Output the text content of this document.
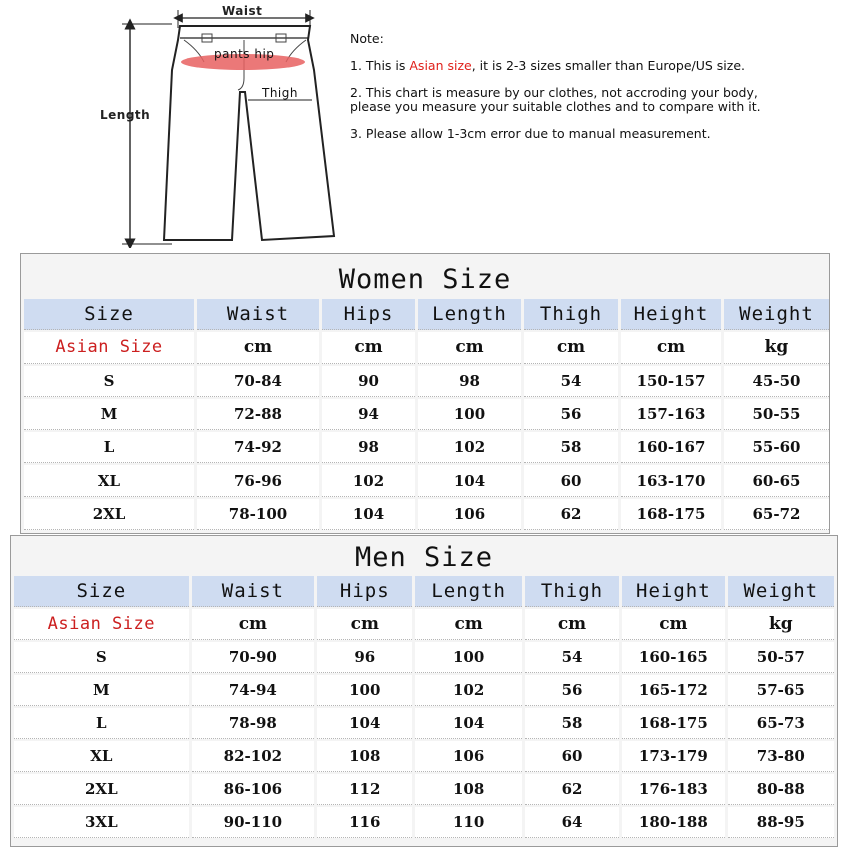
Waist
Length
pants hip
Thigh

Note:

1. This is Asian size, it is 2-3 sizes smaller than Europe/US size.

2. This chart is measure by our clothes, not accroding your body, please you measure your suitable clothes and to compare with it.

3. Please allow 1-3cm error due to manual measurement.

Women Size
Size	Waist	Hips	Length	Thigh	Height	Weight
Asian Size	cm	cm	cm	cm	cm	kg
S	70-84	90	98	54	150-157	45-50
M	72-88	94	100	56	157-163	50-55
L	74-92	98	102	58	160-167	55-60
XL	76-96	102	104	60	163-170	60-65
2XL	78-100	104	106	62	168-175	65-72
Men Size
Size	Waist	Hips	Length	Thigh	Height	Weight
Asian Size	cm	cm	cm	cm	cm	kg
S	70-90	96	100	54	160-165	50-57
M	74-94	100	102	56	165-172	57-65
L	78-98	104	104	58	168-175	65-73
XL	82-102	108	106	60	173-179	73-80
2XL	86-106	112	108	62	176-183	80-88
3XL	90-110	116	110	64	180-188	88-95
